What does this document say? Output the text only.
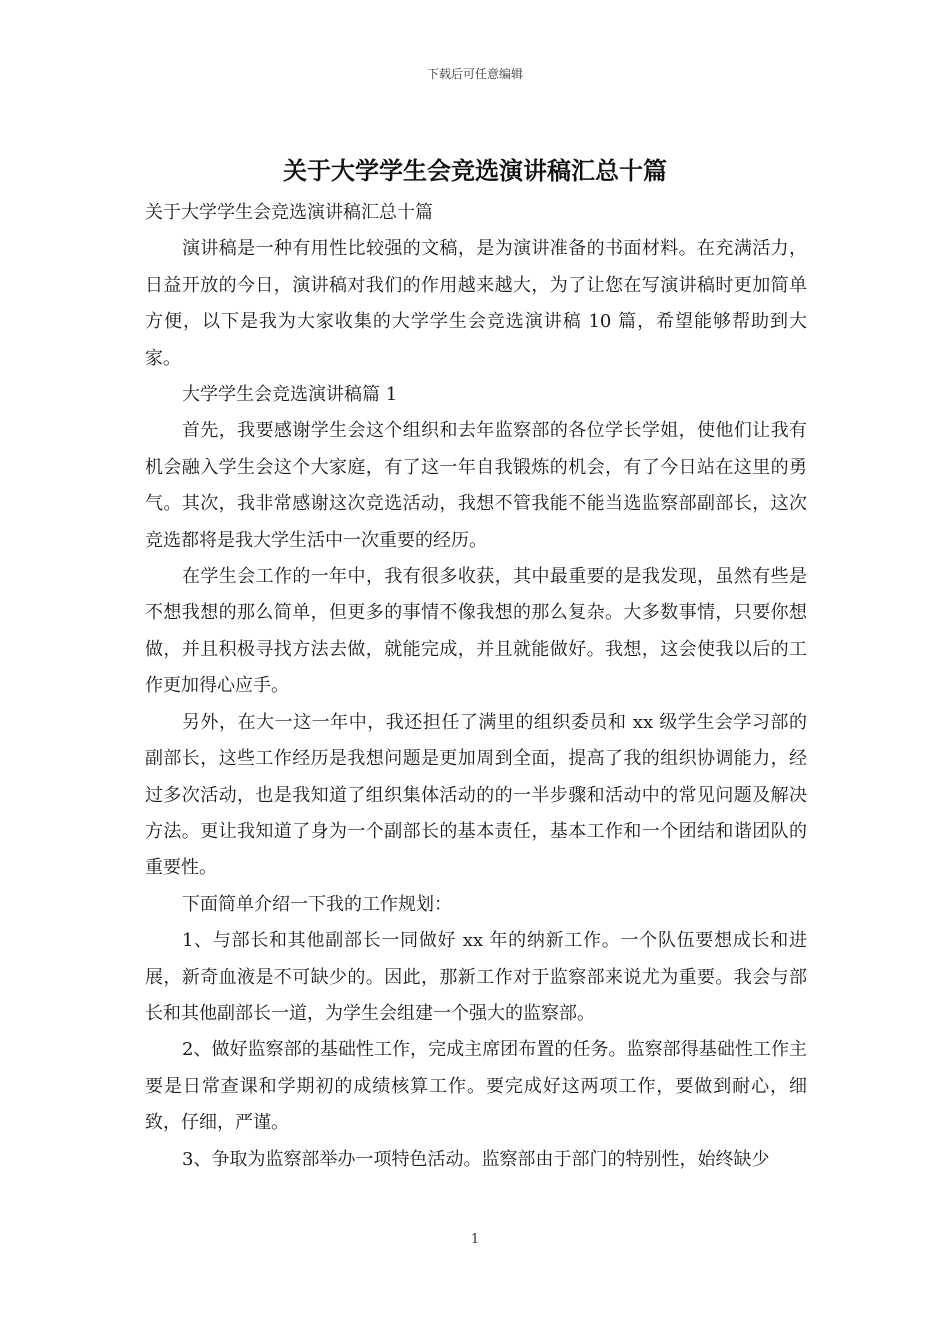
下载后可任意编辑
关于大学学生会竞选演讲稿汇总十篇

关于大学学生会竞选演讲稿汇总十篇

演讲稿是一种有用性比较强的文稿，是为演讲准备的书面材料。在充满活力，日益开放的今日，演讲稿对我们的作用越来越大，为了让您在写演讲稿时更加简单方便，以下是我为大家收集的大学学生会竞选演讲稿 10 篇，希望能够帮助到大家。

大学学生会竞选演讲稿篇 1

首先，我要感谢学生会这个组织和去年监察部的各位学长学姐，使他们让我有机会融入学生会这个大家庭，有了这一年自我锻炼的机会，有了今日站在这里的勇气。其次，我非常感谢这次竞选活动，我想不管我能不能当选监察部副部长，这次竞选都将是我大学生活中一次重要的经历。

在学生会工作的一年中，我有很多收获，其中最重要的是我发现，虽然有些是不想我想的那么简单，但更多的事情不像我想的那么复杂。大多数事情，只要你想做，并且积极寻找方法去做，就能完成，并且就能做好。我想，这会使我以后的工作更加得心应手。

另外，在大一这一年中，我还担任了满里的组织委员和 xx 级学生会学习部的副部长，这些工作经历是我想问题是更加周到全面，提高了我的组织协调能力，经过多次活动，也是我知道了组织集体活动的的一半步骤和活动中的常见问题及解决方法。更让我知道了身为一个副部长的基本责任，基本工作和一个团结和谐团队的重要性。

下面简单介绍一下我的工作规划：

1、与部长和其他副部长一同做好 xx 年的纳新工作。一个队伍要想成长和进展，新奇血液是不可缺少的。因此，那新工作对于监察部来说尤为重要。我会与部长和其他副部长一道，为学生会组建一个强大的监察部。

2、做好监察部的基础性工作，完成主席团布置的任务。监察部得基础性工作主要是日常查课和学期初的成绩核算工作。要完成好这两项工作，要做到耐心，细致，仔细，严谨。

3、争取为监察部举办一项特色活动。监察部由于部门的特别性，始终缺少

1
